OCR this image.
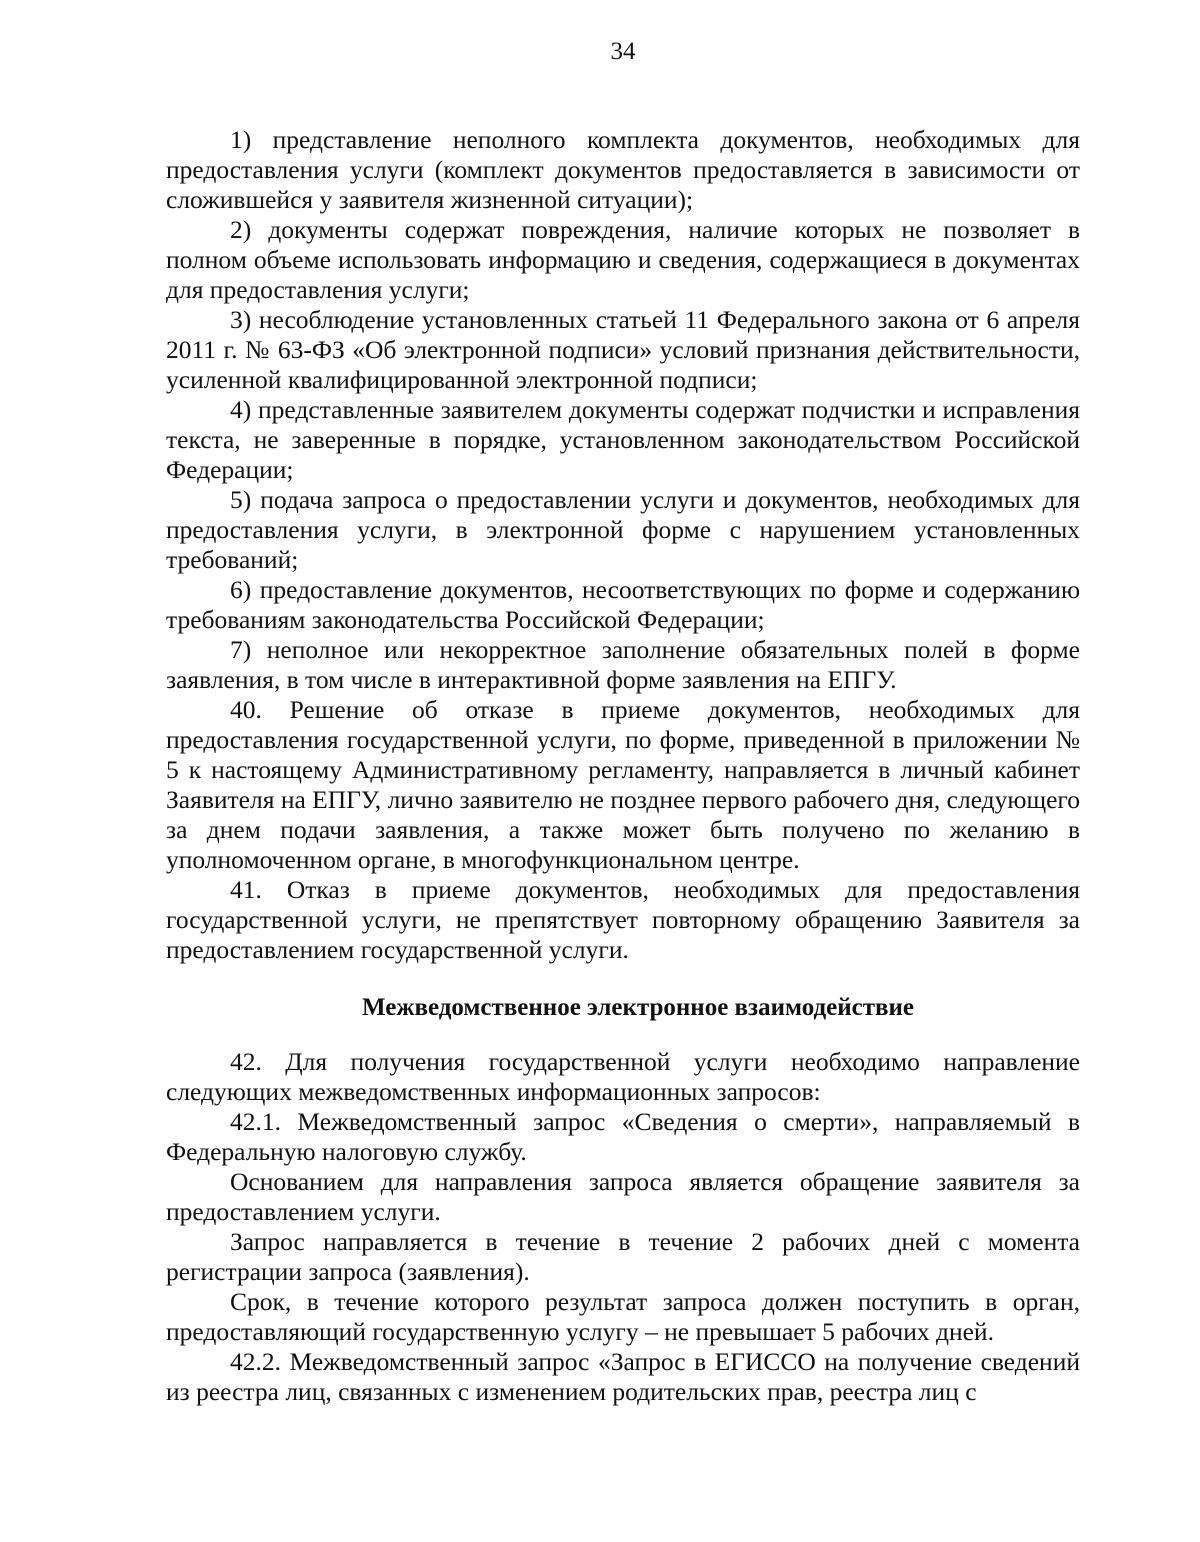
34

1) представление неполного комплекта документов, необходимых для предоставления услуги (комплект документов предоставляется в зависимости от сложившейся у заявителя жизненной ситуации);

2) документы содержат повреждения, наличие которых не позволяет в полном объеме использовать информацию и сведения, содержащиеся в документах для предоставления услуги;

3) несоблюдение установленных статьей 11 Федерального закона от 6 апреля 2011 г. № 63-ФЗ «Об электронной подписи» условий признания действительности, усиленной квалифицированной электронной подписи;

4) представленные заявителем документы содержат подчистки и исправления текста, не заверенные в порядке, установленном законодательством Российской Федерации;

5) подача запроса о предоставлении услуги и документов, необходимых для предоставления услуги, в электронной форме с нарушением установленных требований;

6) предоставление документов, несоответствующих по форме и содержанию требованиям законодательства Российской Федерации;

7) неполное или некорректное заполнение обязательных полей в форме заявления, в том числе в интерактивной форме заявления на ЕПГУ.

40. Решение об отказе в приеме документов, необходимых для предоставления государственной услуги, по форме, приведенной в приложении № 5 к настоящему Административному регламенту, направляется в личный кабинет Заявителя на ЕПГУ, лично заявителю не позднее первого рабочего дня, следующего за днем подачи заявления, а также может быть получено по желанию в уполномоченном органе, в многофункциональном центре.

41. Отказ в приеме документов, необходимых для предоставления государственной услуги, не препятствует повторному обращению Заявителя за предоставлением государственной услуги.

Межведомственное электронное взаимодействие

42. Для получения государственной услуги необходимо направление следующих межведомственных информационных запросов:

42.1. Межведомственный запрос «Сведения о смерти», направляемый в Федеральную налоговую службу.

Основанием для направления запроса является обращение заявителя за предоставлением услуги.

Запрос направляется в течение в течение 2 рабочих дней с момента регистрации запроса (заявления).

Срок, в течение которого результат запроса должен поступить в орган, предоставляющий государственную услугу – не превышает 5 рабочих дней.

42.2. Межведомственный запрос «Запрос в ЕГИССО на получение сведений из реестра лиц, связанных с изменением родительских прав, реестра лиц с
